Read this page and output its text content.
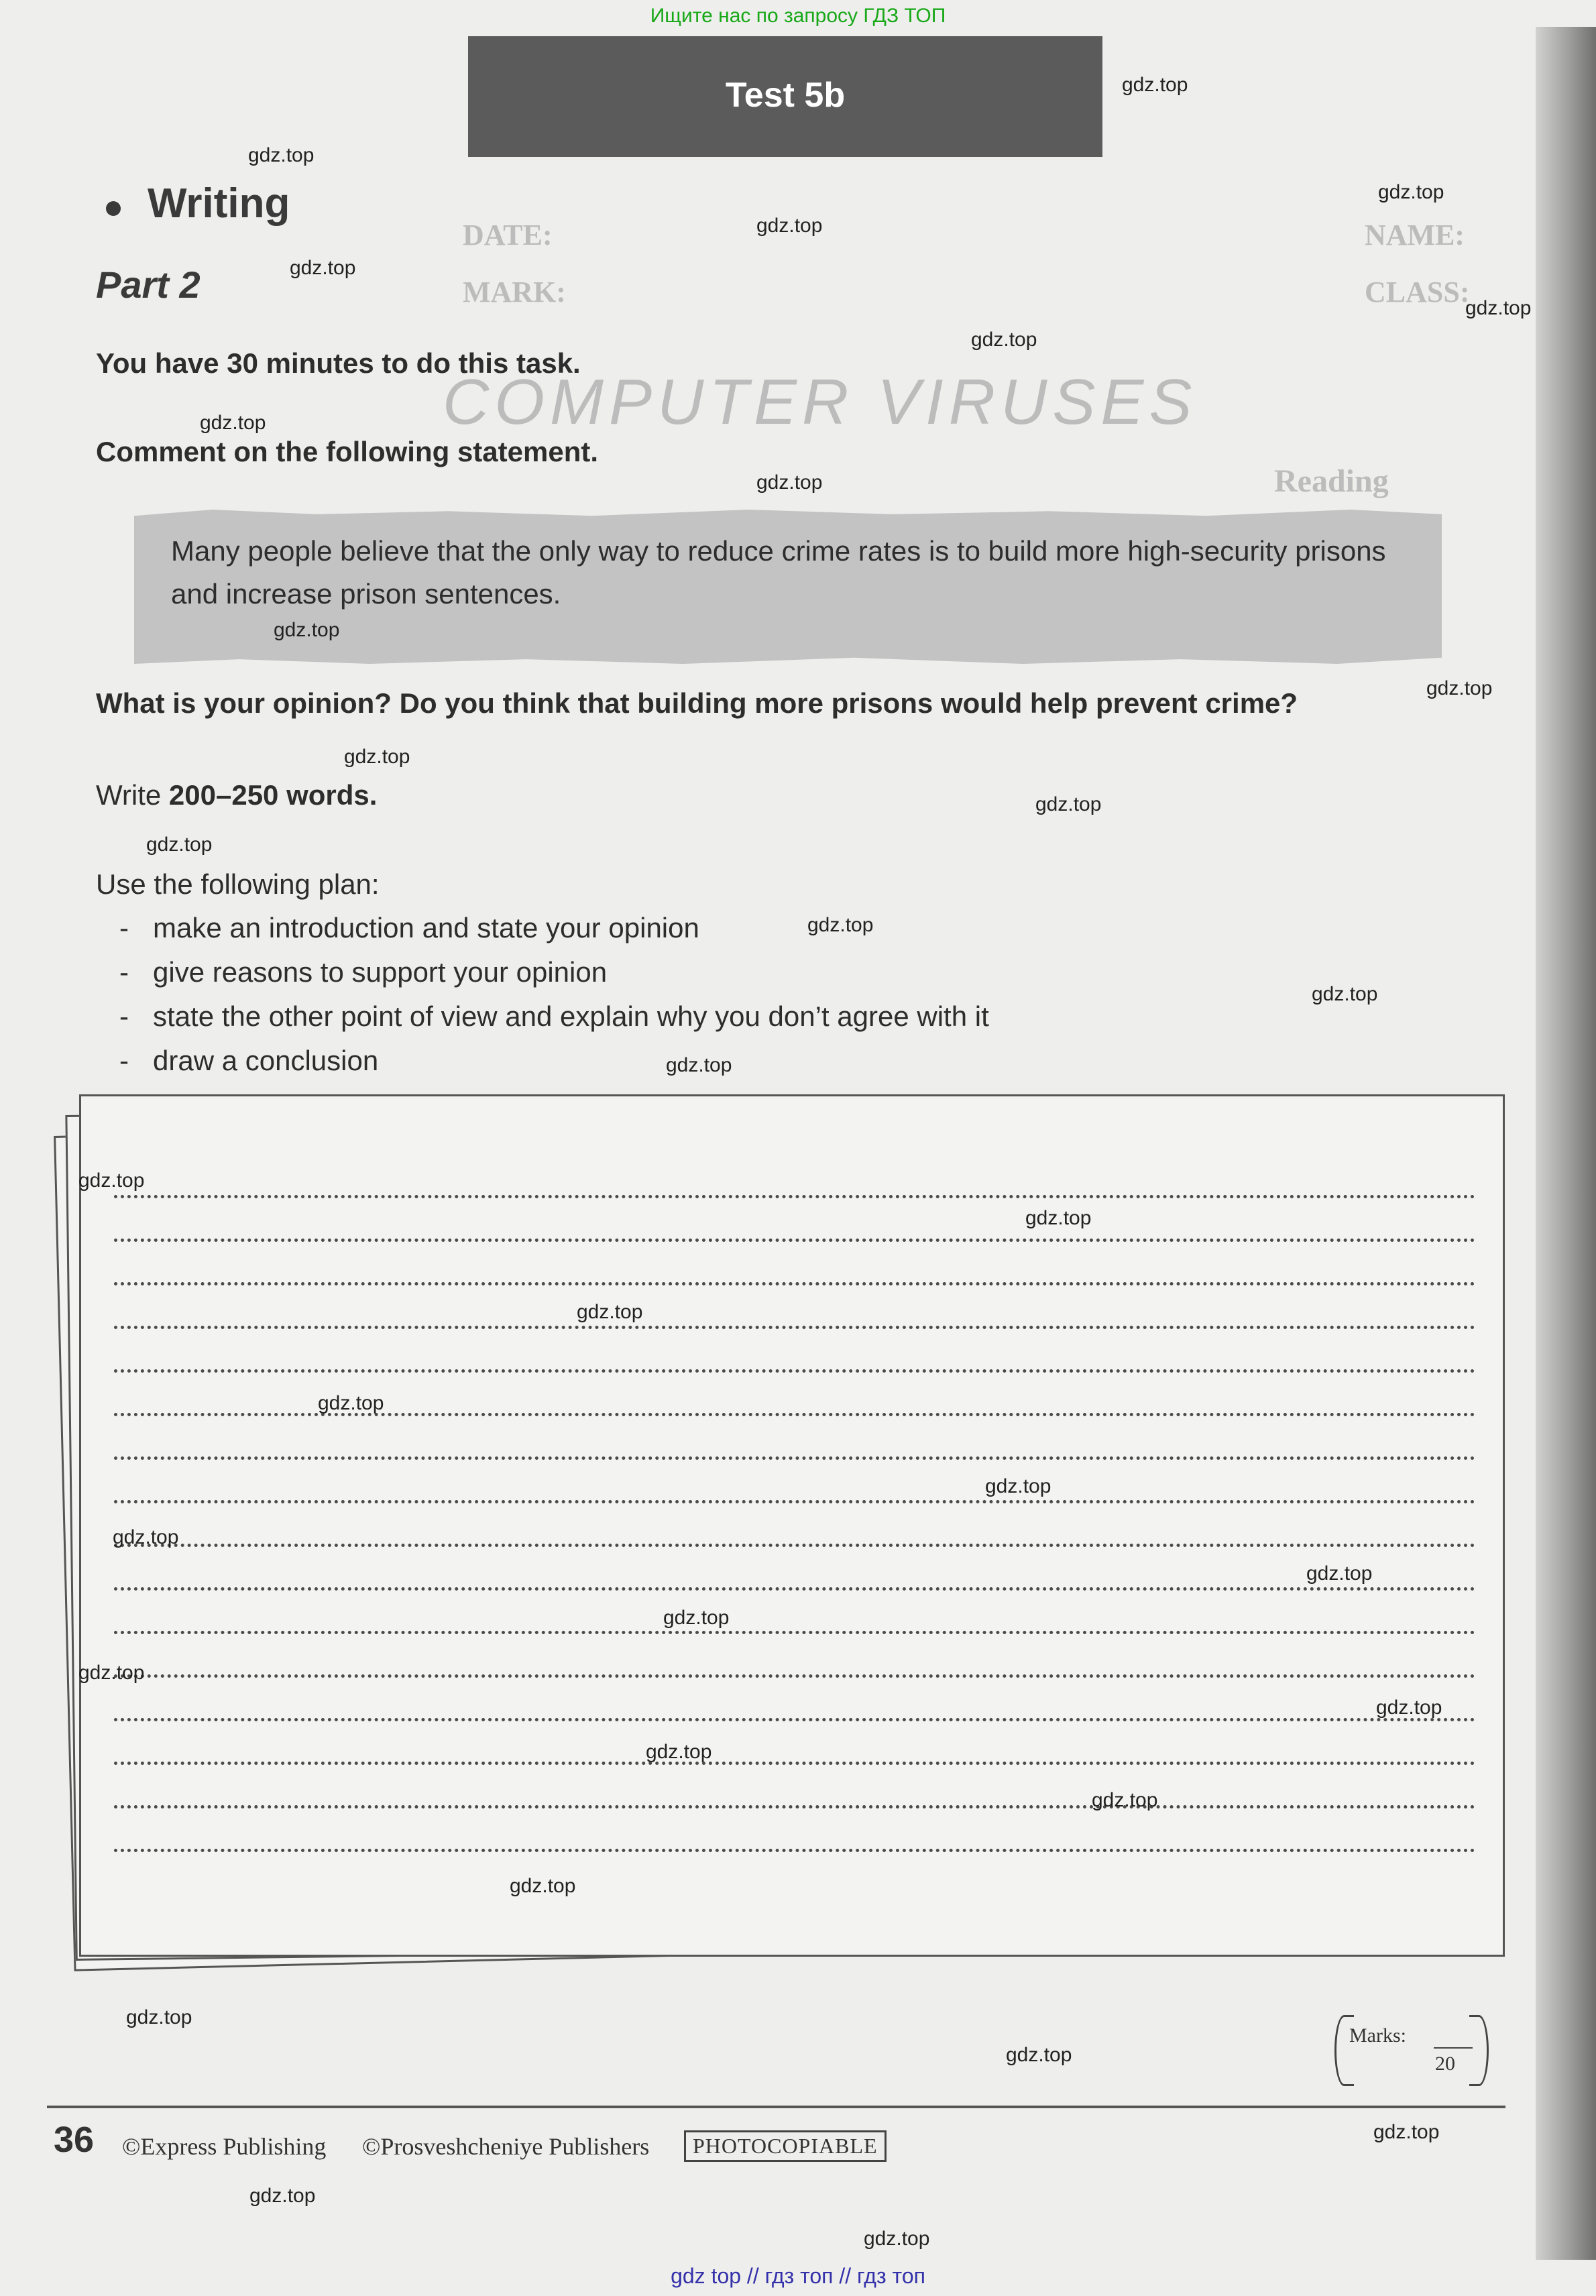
Ищите нас по запросу ГДЗ ТОП
NAME:
CLASS:
DATE:
MARK:
COMPUTER VIRUSES
Reading
Test 5b
Writing
Part 2
You have 30 minutes to do this task.
Comment on the following statement.
Many people believe that the only way to reduce crime rates is to build more high-security prisons and increase prison sentences.
What is your opinion? Do you think that building more prisons would help prevent crime?
Write 200–250 words.
Use the following plan:
- make an introduction and state your opinion
- give reasons to support your opinion
- state the other point of view and explain why you don’t agree with it
- draw a conclusion
Marks:
20
36 ©Express Publishing ©Prosveshcheniye Publishers	PHOTOCOPIABLE
gdz.top
gdz.top
gdz.top
gdz.top
gdz.top
gdz.top
gdz.top
gdz.top
gdz.top
gdz.top
gdz.top
gdz.top
gdz.top
gdz.top
gdz.top
gdz.top
gdz.top
gdz.top
gdz.top
gdz.top
gdz.top
gdz.top
gdz.top
gdz.top
gdz.top
gdz.top
gdz.top
gdz.top
gdz.top
gdz.top
gdz.top
gdz.top
gdz.top
gdz.top
gdz.top
gdz top // гдз топ // гдз топ
